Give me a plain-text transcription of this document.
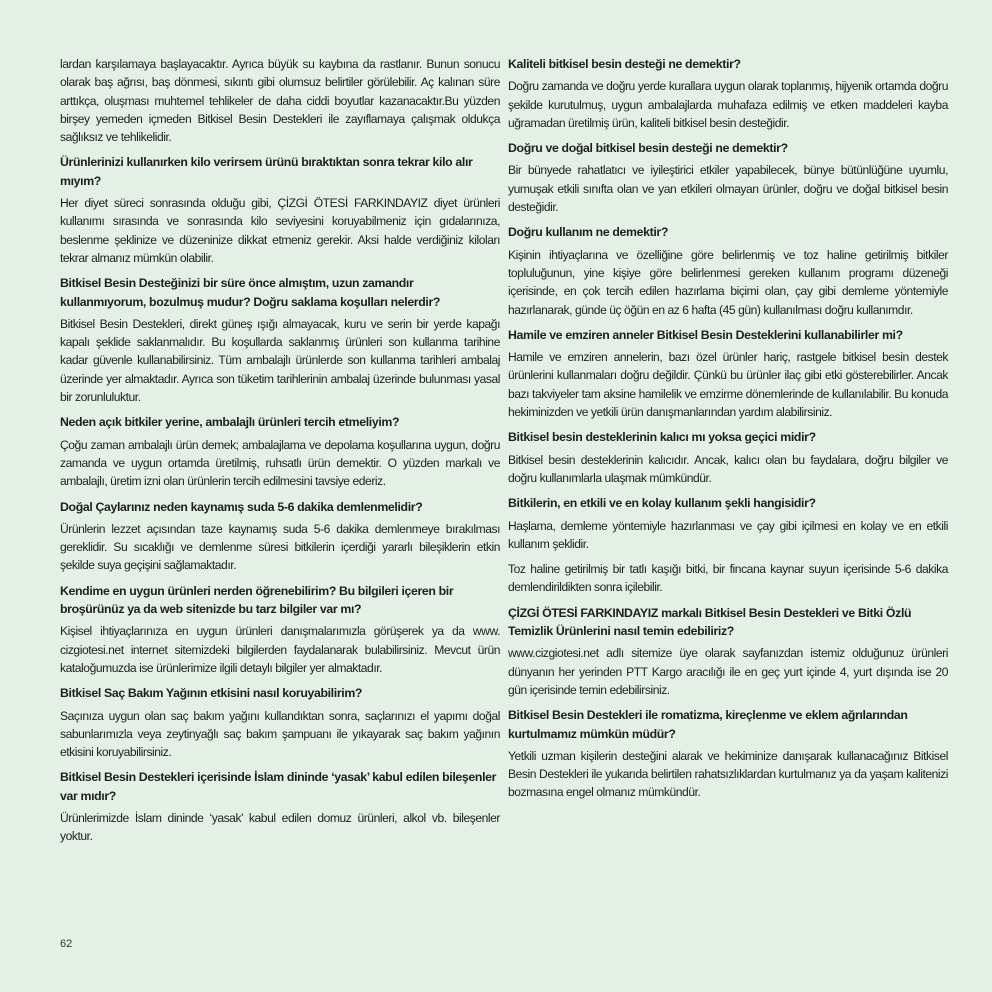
lardan karşılamaya başlayacaktır. Ayrıca büyük su kaybına da rastlanır. Bunun sonucu olarak baş ağrısı, baş dönmesi, sıkıntı gibi olumsuz belirtiler görülebilir. Aç kalınan süre arttıkça, oluşması muhtemel tehlikeler de daha ciddi boyutlar kazanacaktır.Bu yüzden birşey yemeden içmeden Bitkisel Besin Destekleri ile zayıflamaya çalışmak oldukça sağlıksız ve tehlikelidir.

Ürünlerinizi kullanırken kilo verirsem ürünü bıraktıktan sonra tekrar kilo alır mıyım?

Her diyet süreci sonrasında olduğu gibi, ÇİZGİ ÖTESİ FARKINDAYIZ diyet ürünleri kullanımı sırasında ve sonrasında kilo seviyesini koruyabilmeniz için gıdalarınıza, beslenme şeklinize ve düzeninize dikkat etmeniz gerekir. Aksi halde verdiğiniz kiloları tekrar almanız mümkün olabilir.

Bitkisel Besin Desteğinizi bir süre önce almıştım, uzun zamandır kullanmıyorum, bozulmuş mudur? Doğru saklama koşulları nelerdir?

Bitkisel Besin Destekleri, direkt güneş ışığı almayacak, kuru ve serin bir yerde kapağı kapalı şeklide saklanmalıdır. Bu koşullarda saklanmış ürünleri son kullanma tarihine kadar güvenle kullanabilirsiniz. Tüm ambalajlı ürünlerde son kullanma tarihleri ambalaj üzerinde yer almaktadır. Ayrıca son tüketim tarihlerinin ambalaj üzerinde bulunması yasal bir zorunluluktur.

Neden açık bitkiler yerine, ambalajlı ürünleri tercih etmeliyim?

Çoğu zaman ambalajlı ürün demek; ambalajlama ve depolama koşullarına uygun, doğru zamanda ve uygun ortamda üretilmiş, ruhsatlı ürün demektir. O yüzden markalı ve ambalajlı, üretim izni olan ürünlerin tercih edilmesini tavsiye ederiz.

Doğal Çaylarınız neden kaynamış suda 5-6 dakika demlenmelidir?

Ürünlerin lezzet açısından taze kaynamış suda 5-6 dakika demlenmeye bırakılması gereklidir. Su sıcaklığı ve demlenme süresi bitkilerin içerdiği yararlı bileşiklerin etkin şekilde suya geçişini sağlamaktadır.

Kendime en uygun ürünleri nerden öğrenebilirim? Bu bilgileri içeren bir broşürünüz ya da web sitenizde bu tarz bilgiler var mı?

Kişisel ihtiyaçlarınıza en uygun ürünleri danışmalarımızla görüşerek ya da www. cizgiotesi.net internet sitemizdeki bilgilerden faydalanarak bulabilirsiniz. Mevcut ürün kataloğumuzda ise ürünlerimize ilgili detaylı bilgiler yer almaktadır.

Bitkisel Saç Bakım Yağının etkisini nasıl koruyabilirim?

Saçınıza uygun olan saç bakım yağını kullandıktan sonra, saçlarınızı el yapımı doğal sabunlarımızla veya zeytinyağlı saç bakım şampuanı ile yıkayarak saç bakım yağının etkisini koruyabilirsiniz.

Bitkisel Besin Destekleri içerisinde İslam dininde ‘yasak’ kabul edilen bileşenler var mıdır?

Ürünlerimizde İslam dininde ‘yasak’ kabul edilen domuz ürünleri, alkol vb. bileşenler yoktur.

Kaliteli bitkisel besin desteği ne demektir?

Doğru zamanda ve doğru yerde kurallara uygun olarak toplanmış, hijyenik ortamda doğru şekilde kurutulmuş, uygun ambalajlarda muhafaza edilmiş ve etken maddeleri kayba uğramadan üretilmiş ürün, kaliteli bitkisel besin desteğidir.

Doğru ve doğal bitkisel besin desteği ne demektir?

Bir bünyede rahatlatıcı ve iyileştirici etkiler yapabilecek, bünye bütünlüğüne uyumlu, yumuşak etkili sınıfta olan ve yan etkileri olmayan ürünler, doğru ve doğal bitkisel besin desteğidir.

Doğru kullanım ne demektir?

Kişinin ihtiyaçlarına ve özelliğine göre belirlenmiş ve toz haline getirilmiş bitkiler topluluğunun, yine kişiye göre belirlenmesi gereken kullanım programı düzeneği içerisinde, en çok tercih edilen hazırlama biçimi olan, çay gibi demleme yöntemiyle hazırlanarak, günde üç öğün en az 6 hafta (45 gün) kullanılması doğru kullanımdır.

Hamile ve emziren anneler Bitkisel Besin Desteklerini kullanabilirler mi?

Hamile ve emziren annelerin, bazı özel ürünler hariç, rastgele bitkisel besin destek ürünlerini kullanmaları doğru değildir. Çünkü bu ürünler ilaç gibi etki gösterebilirler. Ancak bazı takviyeler tam aksine hamilelik ve emzirme dönemlerinde de kullanılabilir. Bu konuda hekiminizden ve yetkili ürün danışmanlarından yardım alabilirsiniz.

Bitkisel besin desteklerinin kalıcı mı yoksa geçici midir?

Bitkisel besin desteklerinin kalıcıdır. Ancak, kalıcı olan bu faydalara, doğru bilgiler ve doğru kullanımlarla ulaşmak mümkündür.

Bitkilerin, en etkili ve en kolay kullanım şekli hangisidir?

Haşlama, demleme yöntemiyle hazırlanması ve çay gibi içilmesi en kolay ve en etkili kullanım şeklidir.

Toz haline getirilmiş bir tatlı kaşığı bitki, bir fincana kaynar suyun içerisinde 5-6 dakika demlendirildikten sonra içilebilir.

ÇİZGİ ÖTESİ FARKINDAYIZ markalı Bitkisel Besin Destekleri ve Bitki Özlü Temizlik Ürünlerini nasıl temin edebiliriz?

www.cizgiotesi.net adlı sitemize üye olarak sayfanızdan istemiz olduğunuz ürünleri dünyanın her yerinden PTT Kargo aracılığı ile en geç yurt içinde 4, yurt dışında ise 20 gün içerisinde temin edebilirsiniz.

Bitkisel Besin Destekleri ile romatizma, kireçlenme ve eklem ağrılarından kurtulmamız mümkün müdür?

Yetkili uzman kişilerin desteğini alarak ve hekiminize danışarak kullanacağınız Bitkisel Besin Destekleri ile yukarıda belirtilen rahatsızlıklardan kurtulmanız ya da yaşam kalitenizi bozmasına engel olmanız mümkündür.

62
